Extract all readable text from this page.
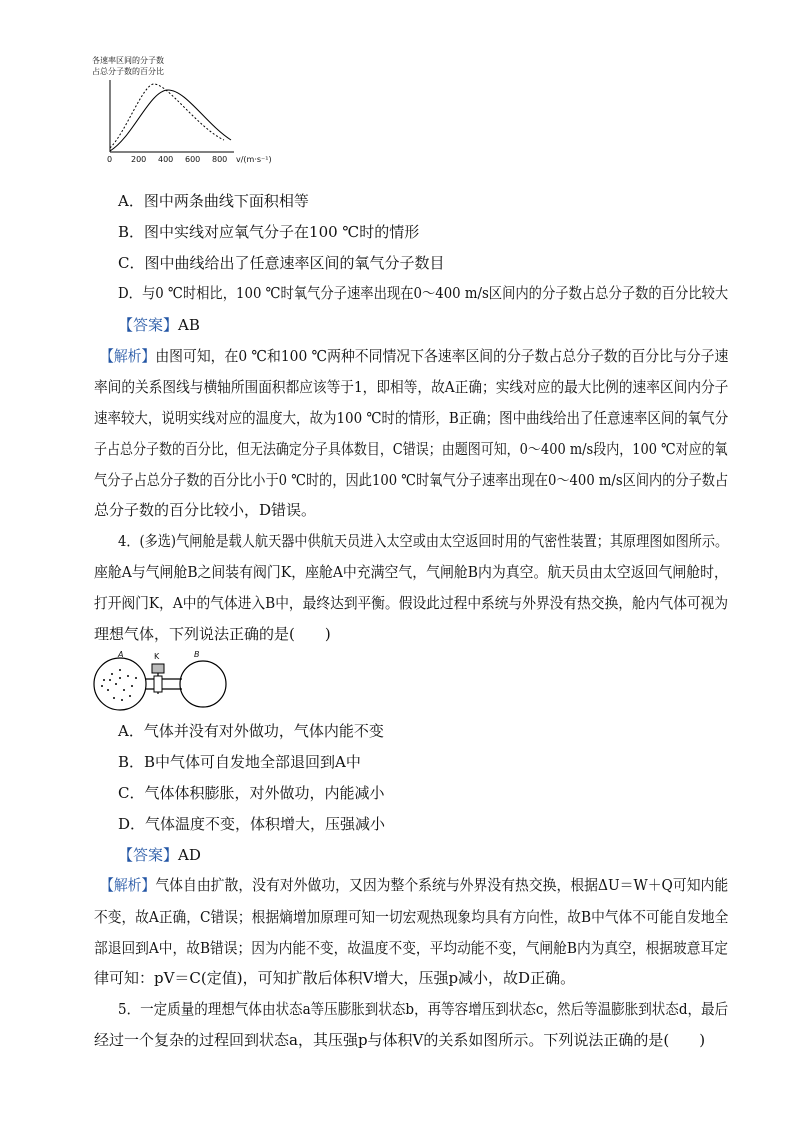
各速率区间的分子数
占总分子数的百分比
0 200 400 600 800 v/(m·s⁻¹)
A．图中两条曲线下面积相等
B．图中实线对应氧气分子在100 ℃时的情形
C．图中曲线给出了任意速率区间的氧气分子数目
D．与0 ℃时相比，100 ℃时氧气分子速率出现在0～400 m/s区间内的分子数占总分子数的百分比较大
【答案】AB
【解析】由图可知，在0 ℃和100 ℃两种不同情况下各速率区间的分子数占总分子数的百分比与分子速
率间的关系图线与横轴所围面积都应该等于1，即相等，故A正确；实线对应的最大比例的速率区间内分子
速率较大，说明实线对应的温度大，故为100 ℃时的情形，B正确；图中曲线给出了任意速率区间的氧气分
子占总分子数的百分比，但无法确定分子具体数目，C错误；由题图可知，0～400 m/s段内，100 ℃对应的氧
气分子占总分子数的百分比小于0 ℃时的，因此100 ℃时氧气分子速率出现在0～400 m/s区间内的分子数占
总分子数的百分比较小，D错误。
4．(多选)气闸舱是载人航天器中供航天员进入太空或由太空返回时用的气密性装置；其原理图如图所示。
座舱A与气闸舱B之间装有阀门K，座舱A中充满空气，气闸舱B内为真空。航天员由太空返回气闸舱时，
打开阀门K，A中的气体进入B中，最终达到平衡。假设此过程中系统与外界没有热交换，舱内气体可视为
理想气体，下列说法正确的是(　　)
A	K	B
A．气体并没有对外做功，气体内能不变
B．B中气体可自发地全部退回到A中
C．气体体积膨胀，对外做功，内能减小
D．气体温度不变，体积增大，压强减小
【答案】AD
【解析】气体自由扩散，没有对外做功，又因为整个系统与外界没有热交换，根据ΔU＝W＋Q可知内能
不变，故A正确，C错误；根据熵增加原理可知一切宏观热现象均具有方向性，故B中气体不可能自发地全
部退回到A中，故B错误；因为内能不变，故温度不变，平均动能不变，气闸舱B内为真空，根据玻意耳定
律可知：pV＝C(定值)，可知扩散后体积V增大，压强p减小，故D正确。
5．一定质量的理想气体由状态a等压膨胀到状态b，再等容增压到状态c，然后等温膨胀到状态d，最后
经过一个复杂的过程回到状态a，其压强p与体积V的关系如图所示。下列说法正确的是(　　)
